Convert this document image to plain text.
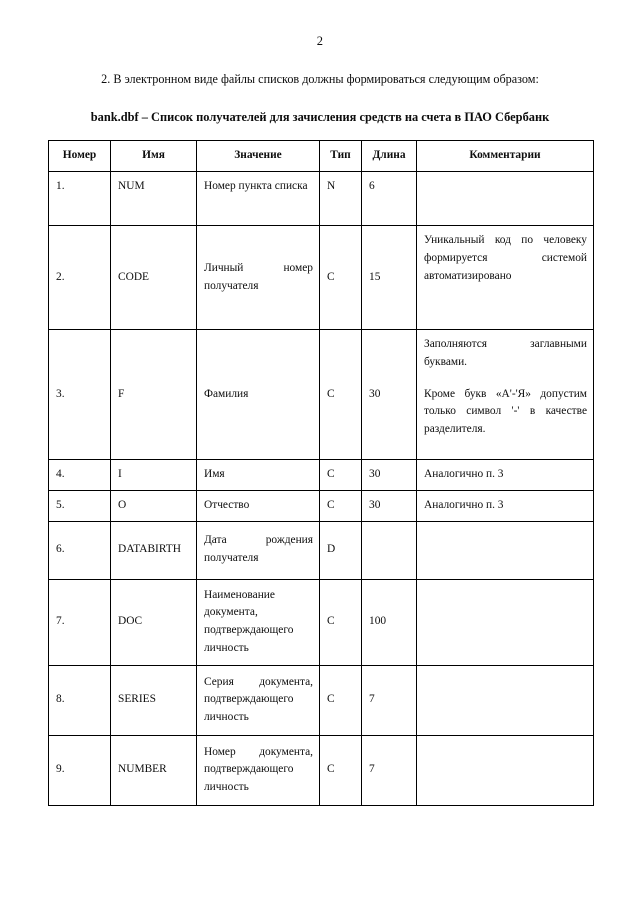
2
2. В электронном виде файлы списков должны формироваться следующим образом:
bank.dbf – Список получателей для зачисления средств на счета в ПАО Сбербанк
Номер	Имя	Значение	Тип	Длина	Комментарии
1.	NUM	Номер пункта списка	N	6	
2.	CODE	Личный номер получателя	C	15	Уникальный код по человеку формируется системой автоматизировано
3.	F	Фамилия	C	30	Заполняются заглавными буквами.
Кроме букв «А'-'Я» допустим только символ '-' в качестве разделителя.

4.	I	Имя	C	30	Аналогично п. 3
5.	O	Отчество	C	30	Аналогично п. 3
6.	DATABIRTH	Дата рождения получателя	D		
7.	DOC	Наименование документа, подтверждающего личность	C	100	
8.	SERIES	Серия документа, подтверждающего личность	C	7	
9.	NUMBER	Номер документа, подтверждающего личность	C	7	
